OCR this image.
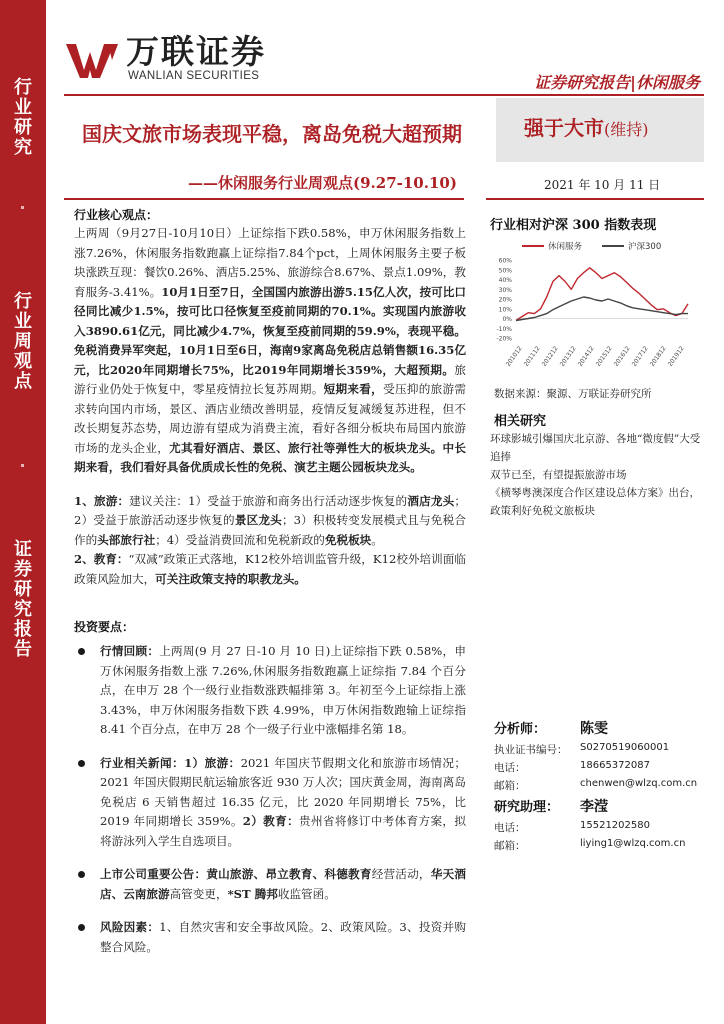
行
业
研
究
行
业
周
观
点
证
券
研
究
报
告
万联证券
WANLIAN SECURITIES	证券研究报告|休闲服务
强于大市(维持)
国庆文旅市场表现平稳，离岛免税大超预期
——休闲服务行业周观点(9.27-10.10)	2021 年 10 月 11 日
行业核心观点：

上两周（9月27日-10月10日）上证综指下跌0.58%，申万休闲服务指数上涨7.26%，休闲服务指数跑赢上证综指7.84个pct，上周休闲服务主要子板块涨跌互现：餐饮0.26%、酒店5.25%、旅游综合8.67%、景点1.09%，教育服务-3.41%。10月1日至7日，全国国内旅游出游5.15亿人次，按可比口径同比减少1.5%，按可比口径恢复至疫前同期的70.1%。实现国内旅游收入3890.61亿元，同比减少4.7%，恢复至疫前同期的59.9%，表现平稳。免税消费异军突起，10月1日至6日，海南9家离岛免税店总销售额16.35亿元，比2020年同期增长75%，比2019年同期增长359%，大超预期。旅游行业仍处于恢复中，零星疫情拉长复苏周期。短期来看，受压抑的旅游需求转向国内市场，景区、酒店业绩改善明显，疫情反复减缓复苏进程，但不改长期复苏态势，周边游有望成为消费主流，看好各细分板块布局国内旅游市场的龙头企业，尤其看好酒店、景区、旅行社等弹性大的板块龙头。中长期来看，我们看好具备优质成长性的免税、演艺主题公园板块龙头。

1、旅游：建议关注：1）受益于旅游和商务出行活动逐步恢复的酒店龙头；2）受益于旅游活动逐步恢复的景区龙头；3）积极转变发展模式且与免税合作的头部旅行社；4）受益消费回流和免税新政的免税板块。

2、教育：“双减”政策正式落地，K12校外培训监管升级，K12校外培训面临政策风险加大，可关注政策支持的职教龙头。

投资要点：
行情回顾：上两周(9 月 27 日-10 月 10 日)上证综指下跌 0.58%，申万休闲服务指数上涨 7.26%,休闲服务指数跑赢上证综指 7.84 个百分点，在申万 28 个一级行业指数涨跌幅排第 3。年初至今上证综指上涨 3.43%，申万休闲服务指数下跌 4.99%，申万休闲指数跑输上证综指 8.41 个百分点，在申万 28 个一级子行业中涨幅排名第 18。
行业相关新闻：1）旅游：2021 年国庆节假期文化和旅游市场情况；2021 年国庆假期民航运输旅客近 930 万人次；国庆黄金周，海南离岛免税店 6 天销售超过 16.35 亿元，比 2020 年同期增长 75%，比 2019 年同期增长 359%。2）教育：贵州省将修订中考体育方案，拟将游泳列入学生自选项目。
上市公司重要公告：黄山旅游、昂立教育、科德教育经营活动，华天酒店、云南旅游高管变更，*ST 腾邦收监管函。
风险因素：1、自然灾害和安全事故风险。2、政策风险。3、投资并购整合风险。
行业相对沪深 300 指数表现
休闲服务	沪深300
60%
50%
40%
30%
20%
10%
0%
-10%
-20%
201012 201112 201212 201312 201412 201512 201612 201712 201812 201912
数据来源：聚源、万联证券研究所
相关研究
环球影城引爆国庆北京游、各地“微度假”大受追捧
双节已至，有望提振旅游市场
《横琴粤澳深度合作区建设总体方案》出台，政策利好免税文旅板块
分析师： 陈雯
执业证书编号： S0270519060001
电话：	18665372087
邮箱：	chenwen@wlzq.com.cn
研究助理： 李滢
电话：	15521202580
邮箱：	liying1@wlzq.com.cn
